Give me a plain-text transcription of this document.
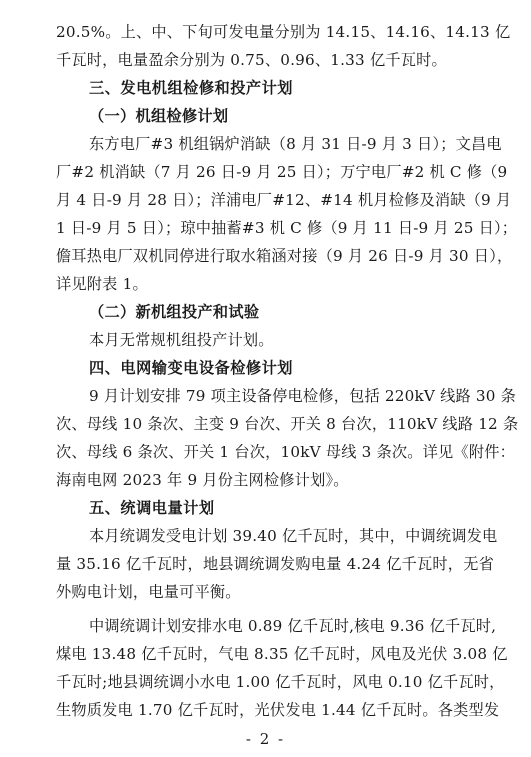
20.5%。上、中、下旬可发电量分别为 14.15、14.16、14.13 亿
千瓦时，电量盈余分别为 0.75、0.96、1.33 亿千瓦时。
三、发电机组检修和投产计划
（一）机组检修计划
东方电厂#3 机组锅炉消缺（8 月 31 日-9 月 3 日）；文昌电
厂#2 机消缺（7 月 26 日-9 月 25 日）；万宁电厂#2 机 C 修（9
月 4 日-9 月 28 日）；洋浦电厂#12、#14 机月检修及消缺（9 月
1 日-9 月 5 日）；琼中抽蓄#3 机 C 修（9 月 11 日-9 月 25 日）；
儋耳热电厂双机同停进行取水箱涵对接（9 月 26 日-9 月 30 日），
详见附表 1。
（二）新机组投产和试验
本月无常规机组投产计划。
四、电网输变电设备检修计划
9 月计划安排 79 项主设备停电检修，包括 220kV 线路 30 条
次、母线 10 条次、主变 9 台次、开关 8 台次，110kV 线路 12 条
次、母线 6 条次、开关 1 台次，10kV 母线 3 条次。详见《附件：
海南电网 2023 年 9 月份主网检修计划》。
五、统调电量计划
本月统调发受电计划 39.40 亿千瓦时，其中，中调统调发电
量 35.16 亿千瓦时，地县调统调发购电量 4.24 亿千瓦时，无省
外购电计划，电量可平衡。
中调统调计划安排水电 0.89 亿千瓦时,核电 9.36 亿千瓦时,
煤电 13.48 亿千瓦时，气电 8.35 亿千瓦时，风电及光伏 3.08 亿
千瓦时;地县调统调小水电 1.00 亿千瓦时，风电 0.10 亿千瓦时，
生物质发电 1.70 亿千瓦时，光伏发电 1.44 亿千瓦时。各类型发
- 2 -
